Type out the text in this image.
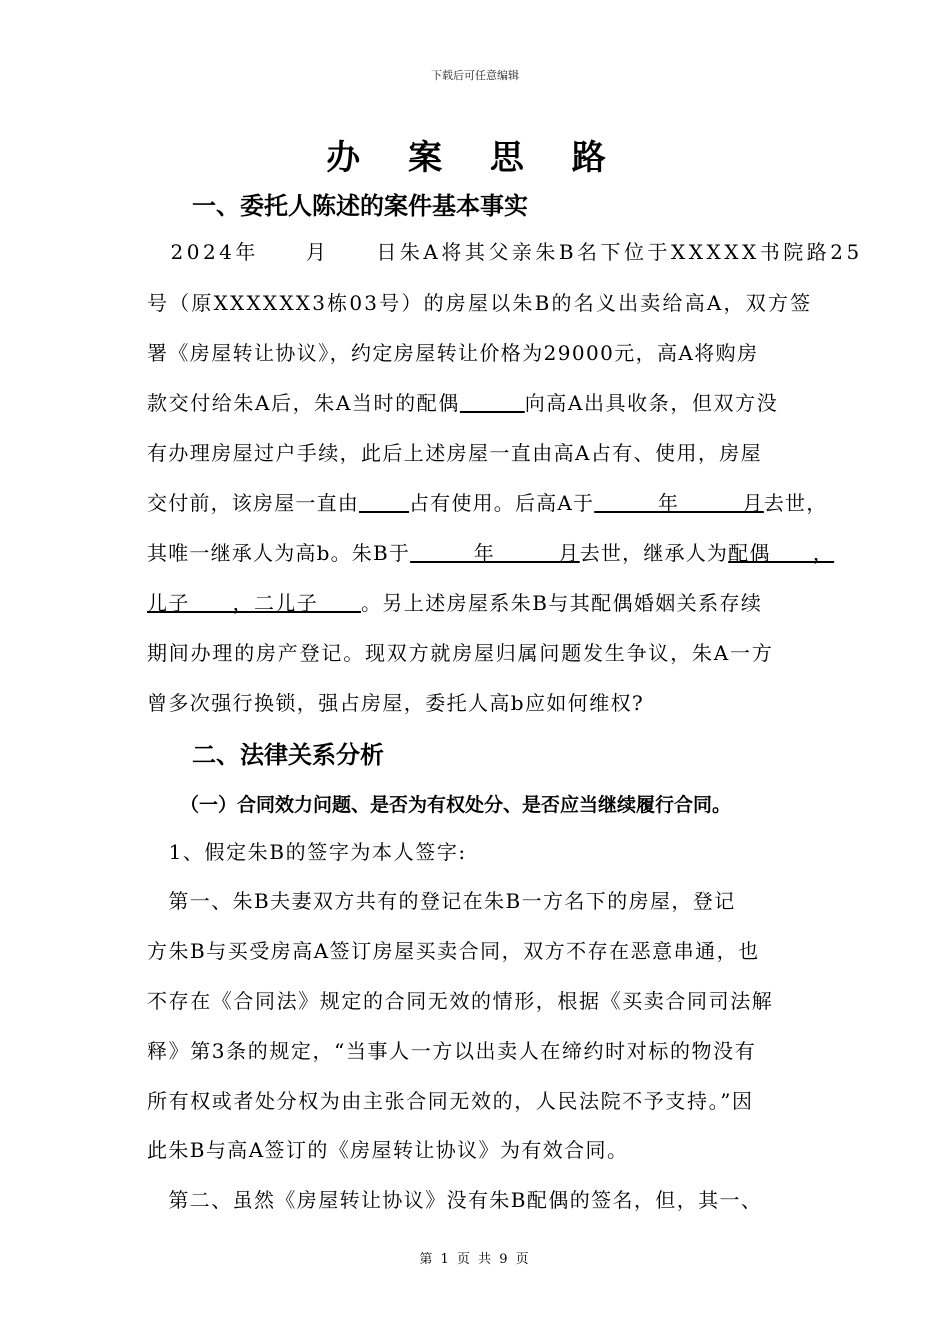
下载后可任意编辑
办 案 思 路
一、委托人陈述的案件基本事实
　2024年　　月　　日朱A将其父亲朱B名下位于XXXXX书院路25
号（原XXXXXX3栋03号）的房屋以朱B的名义出卖给高A，双方签
署《房屋转让协议》，约定房屋转让价格为29000元，高A将购房
款交付给朱A后，朱A当时的配偶　　　	向高A出具收条，但双方没
有办理房屋过户手续，此后上述房屋一直由高A占有、使用，房屋
交付前，该房屋一直由　　 占有使用。后高A于　　　年　　　月去世，
其唯一继承人为高b。朱B于　　　年　　　月去世，继承人为配偶　　，
儿子　　，二儿子　　。另上述房屋系朱B与其配偶婚姻关系存续
期间办理的房产登记。现双方就房屋归属问题发生争议，朱A一方
曾多次强行换锁，强占房屋，委托人高b应如何维权?
二、法律关系分析
（一）合同效力问题、是否为有权处分、是否应当继续履行合同。
　1、假定朱B的签字为本人签字:
　第一、朱B夫妻双方共有的登记在朱B一方名下的房屋，登记
方朱B与买受房高A签订房屋买卖合同，双方不存在恶意串通，也
不存在《合同法》规定的合同无效的情形，根据《买卖合同司法解
释》第3条的规定，“当事人一方以出卖人在缔约时对标的物没有
所有权或者处分权为由主张合同无效的，人民法院不予支持。”因
此朱B与高A签订的《房屋转让协议》为有效合同。
　第二、虽然《房屋转让协议》没有朱B配偶的签名，但，其一、
第 1 页 共 9 页
